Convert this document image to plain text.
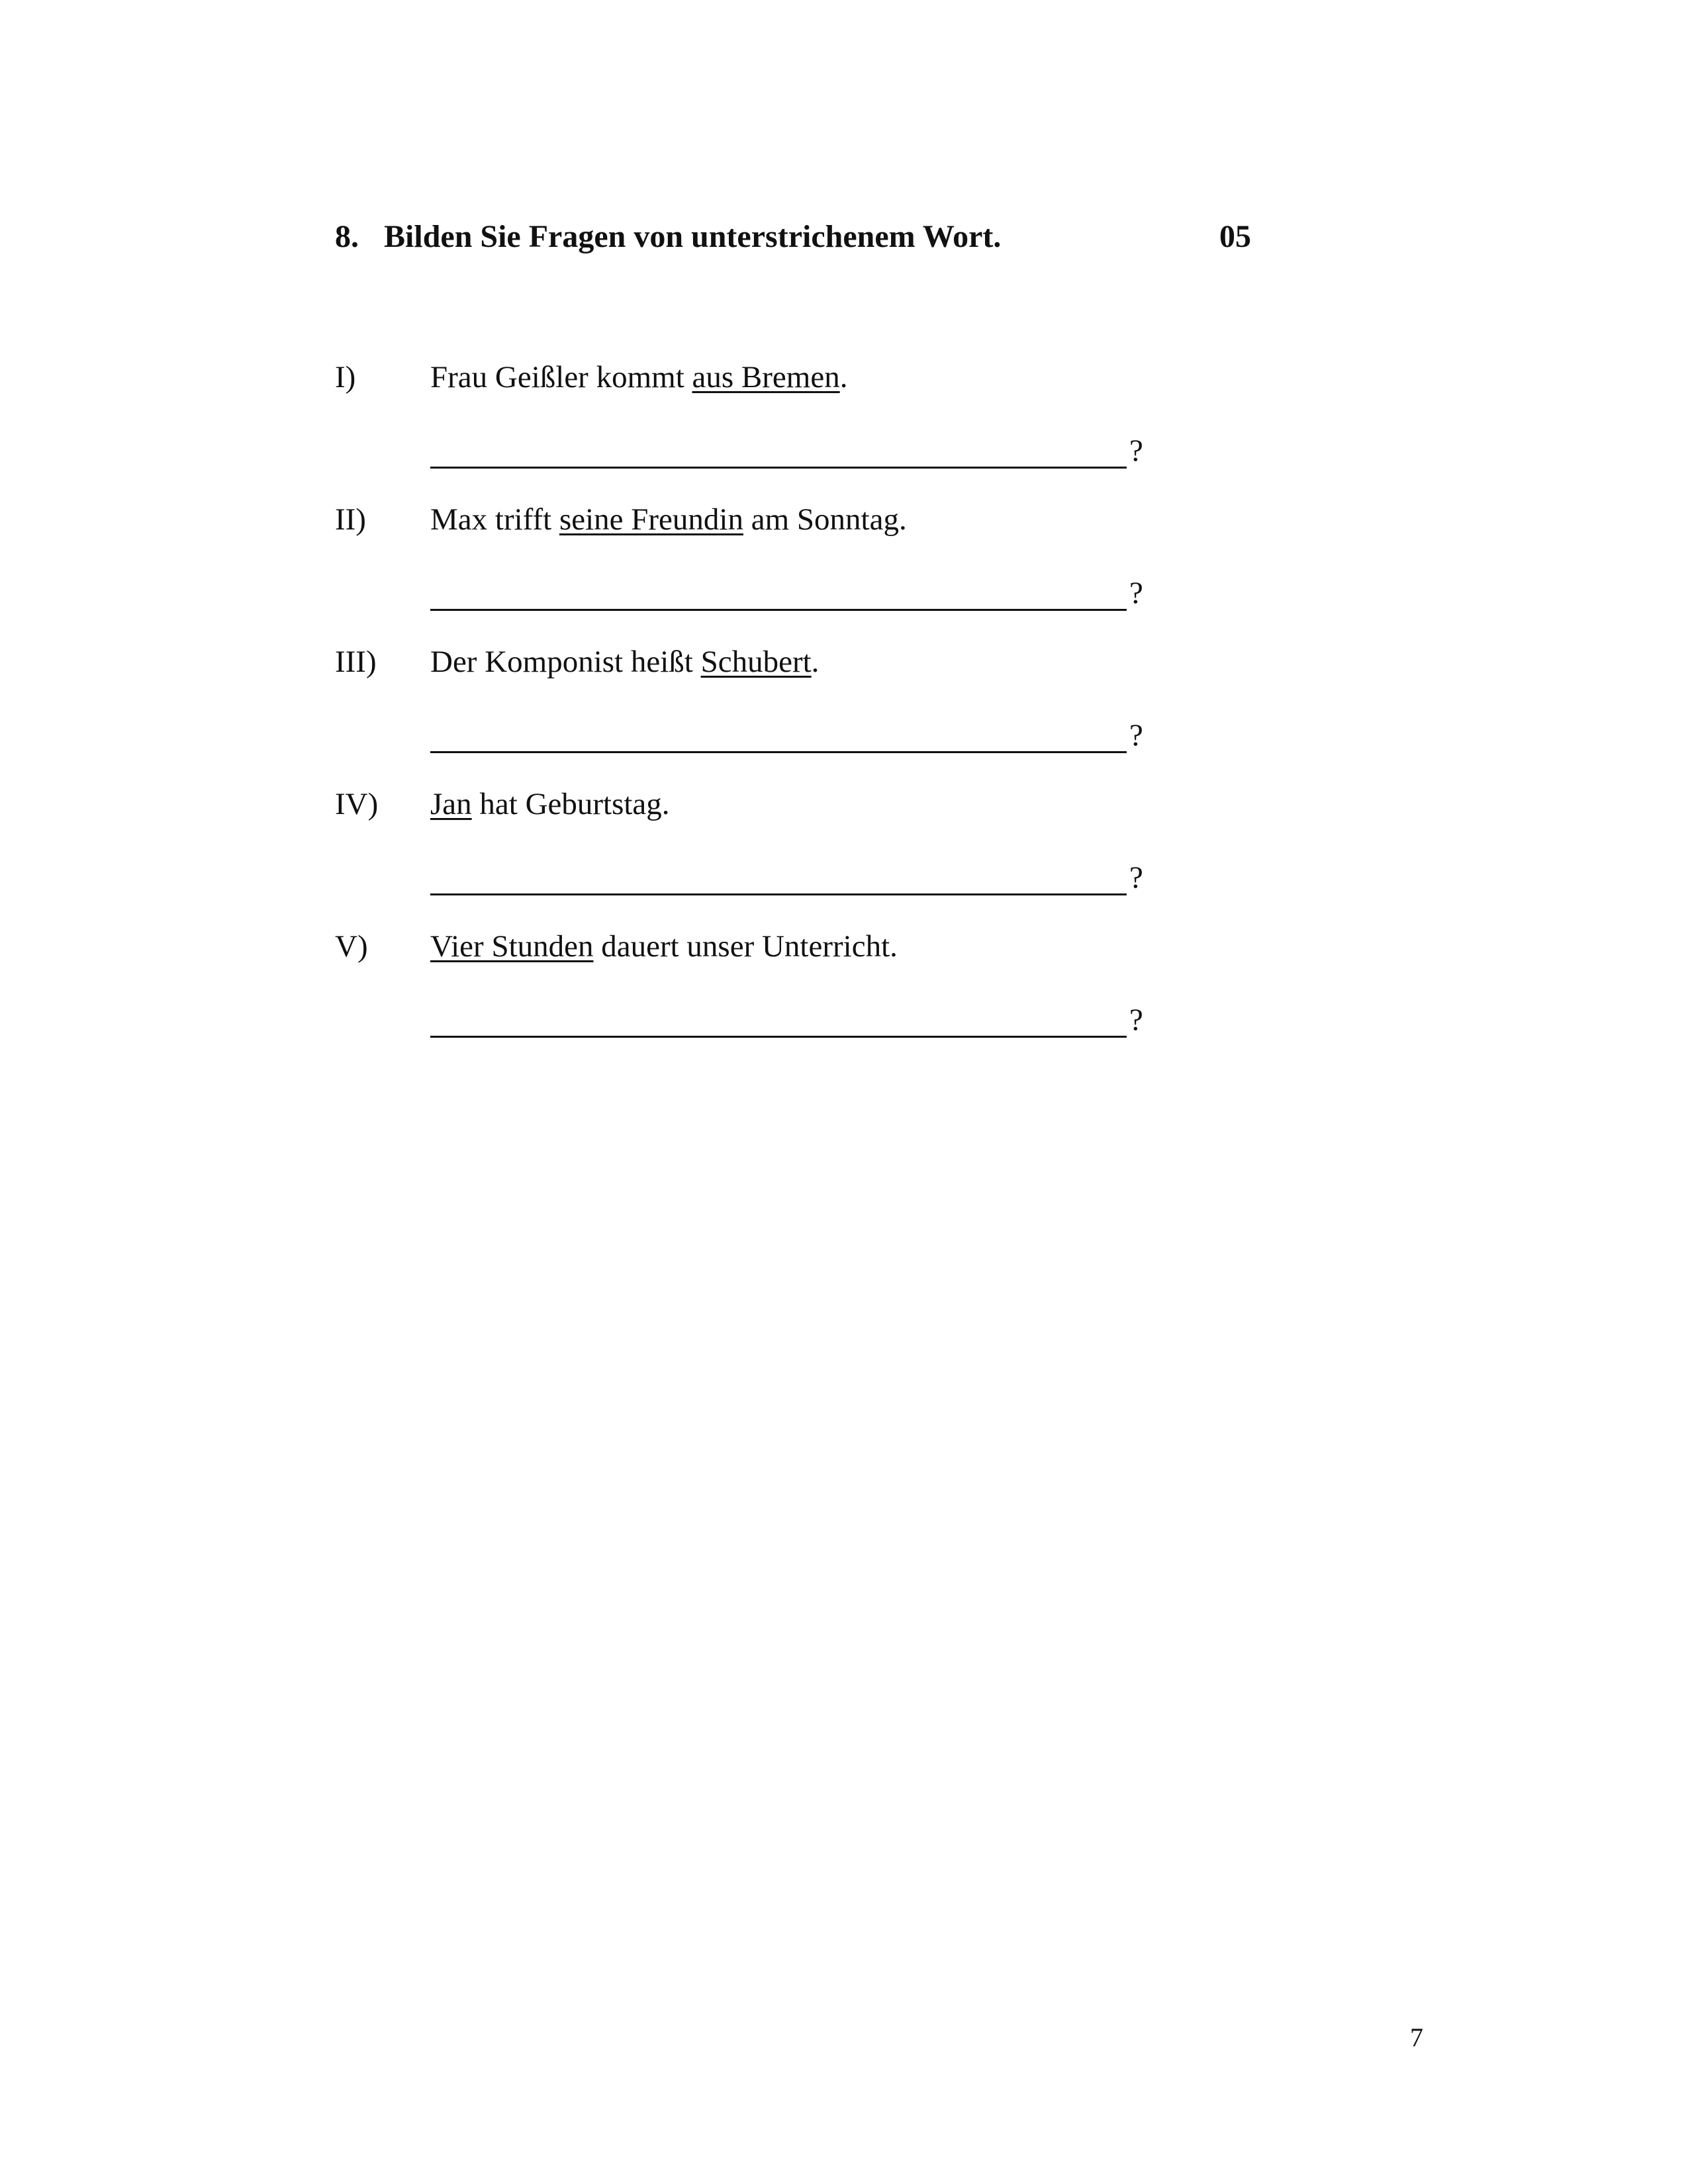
8. Bilden Sie Fragen von unterstrichenem Wort.	05
I) Frau Geißler kommt aus Bremen.
?
II) Max trifft seine Freundin am Sonntag.
?
III) Der Komponist heißt Schubert.
?
IV) Jan hat Geburtstag.
?
V) Vier Stunden dauert unser Unterricht.
?
7
